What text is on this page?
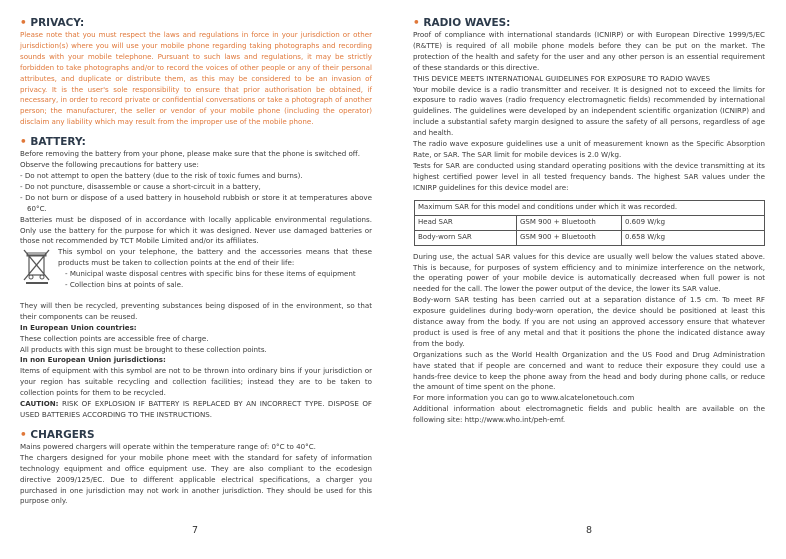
• PRIVACY:

Please note that you must respect the laws and regulations in force in your jurisdiction or other jurisdiction(s) where you will use your mobile phone regarding taking photographs and recording sounds with your mobile telephone. Pursuant to such laws and regulations, it may be strictly forbidden to take photographs and/or to record the voices of other people or any of their personal attributes, and duplicate or distribute them, as this may be considered to be an invasion of privacy. It is the user's sole responsibility to ensure that prior authorisation be obtained, if necessary, in order to record private or confidential conversations or take a photograph of another person; the manufacturer, the seller or vendor of your mobile phone (including the operator) disclaim any liability which may result from the improper use of the mobile phone.

• BATTERY:

Before removing the battery from your phone, please make sure that the phone is switched off.

Observe the following precautions for battery use:

- Do not attempt to open the battery (due to the risk of toxic fumes and burns).

- Do not puncture, disassemble or cause a short-circuit in a battery,

- Do not burn or dispose of a used battery in household rubbish or store it at temperatures above 60°C.

Batteries must be disposed of in accordance with locally applicable environmental regulations. Only use the battery for the purpose for which it was designed. Never use damaged batteries or those not recommended by TCT Mobile Limited and/or its affiliates.

This symbol on your telephone, the battery and the accessories means that these products must be taken to collection points at the end of their life:

- Municipal waste disposal centres with specific bins for these items of equipment

- Collection bins at points of sale.

They will then be recycled, preventing substances being disposed of in the environment, so that their components can be reused.

In European Union countries:

These collection points are accessible free of charge.

All products with this sign must be brought to these collection points.

In non European Union jurisdictions:

Items of equipment with this symbol are not to be thrown into ordinary bins if your jurisdiction or your region has suitable recycling and collection facilities; instead they are to be taken to collection points for them to be recycled.

CAUTION: RISK OF EXPLOSION IF BATTERY IS REPLACED BY AN INCORRECT TYPE. DISPOSE OF USED BATTERIES ACCORDING TO THE INSTRUCTIONS.

• CHARGERS

Mains powered chargers will operate within the temperature range of: 0°C to 40°C.

The chargers designed for your mobile phone meet with the standard for safety of information technology equipment and office equipment use. They are also compliant to the ecodesign directive 2009/125/EC. Due to different applicable electrical specifications, a charger you purchased in one jurisdiction may not work in another jurisdiction. They should be used for this purpose only.

7
• RADIO WAVES:

Proof of compliance with international standards (ICNIRP) or with European Directive 1999/5/EC (R&TTE) is required of all mobile phone models before they can be put on the market. The protection of the health and safety for the user and any other person is an essential requirement of these standards or this directive.

THIS DEVICE MEETS INTERNATIONAL GUIDELINES FOR EXPOSURE TO RADIO WAVES

Your mobile device is a radio transmitter and receiver. It is designed not to exceed the limits for exposure to radio waves (radio frequency electromagnetic fields) recommended by international guidelines. The guidelines were developed by an independent scientific organization (ICNIRP) and include a substantial safety margin designed to assure the safety of all persons, regardless of age and health.

The radio wave exposure guidelines use a unit of measurement known as the Specific Absorption Rate, or SAR. The SAR limit for mobile devices is 2.0 W/kg.

Tests for SAR are conducted using standard operating positions with the device transmitting at its highest certified power level in all tested frequency bands. The highest SAR values under the ICNIRP guidelines for this device model are:

Maximum SAR for this model and conditions under which it was recorded.		
Head SAR	GSM 900 + Bluetooth	0.609 W/kg
Body-worn SAR	GSM 900 + Bluetooth	0.658 W/kg

During use, the actual SAR values for this device are usually well below the values stated above. This is because, for purposes of system efficiency and to minimize interference on the network, the operating power of your mobile device is automatically decreased when full power is not needed for the call. The lower the power output of the device, the lower its SAR value.

Body-worn SAR testing has been carried out at a separation distance of 1.5 cm. To meet RF exposure guidelines during body-worn operation, the device should be positioned at least this distance away from the body. If you are not using an approved accessory ensure that whatever product is used is free of any metal and that it positions the phone the indicated distance away from the body.

Organizations such as the World Health Organization and the US Food and Drug Administration have stated that if people are concerned and want to reduce their exposure they could use a hands-free device to keep the phone away from the head and body during phone calls, or reduce the amount of time spent on the phone.

For more information you can go to www.alcatelonetouch.com

Additional information about electromagnetic fields and public health are available on the following site: http://www.who.int/peh-emf.

8
